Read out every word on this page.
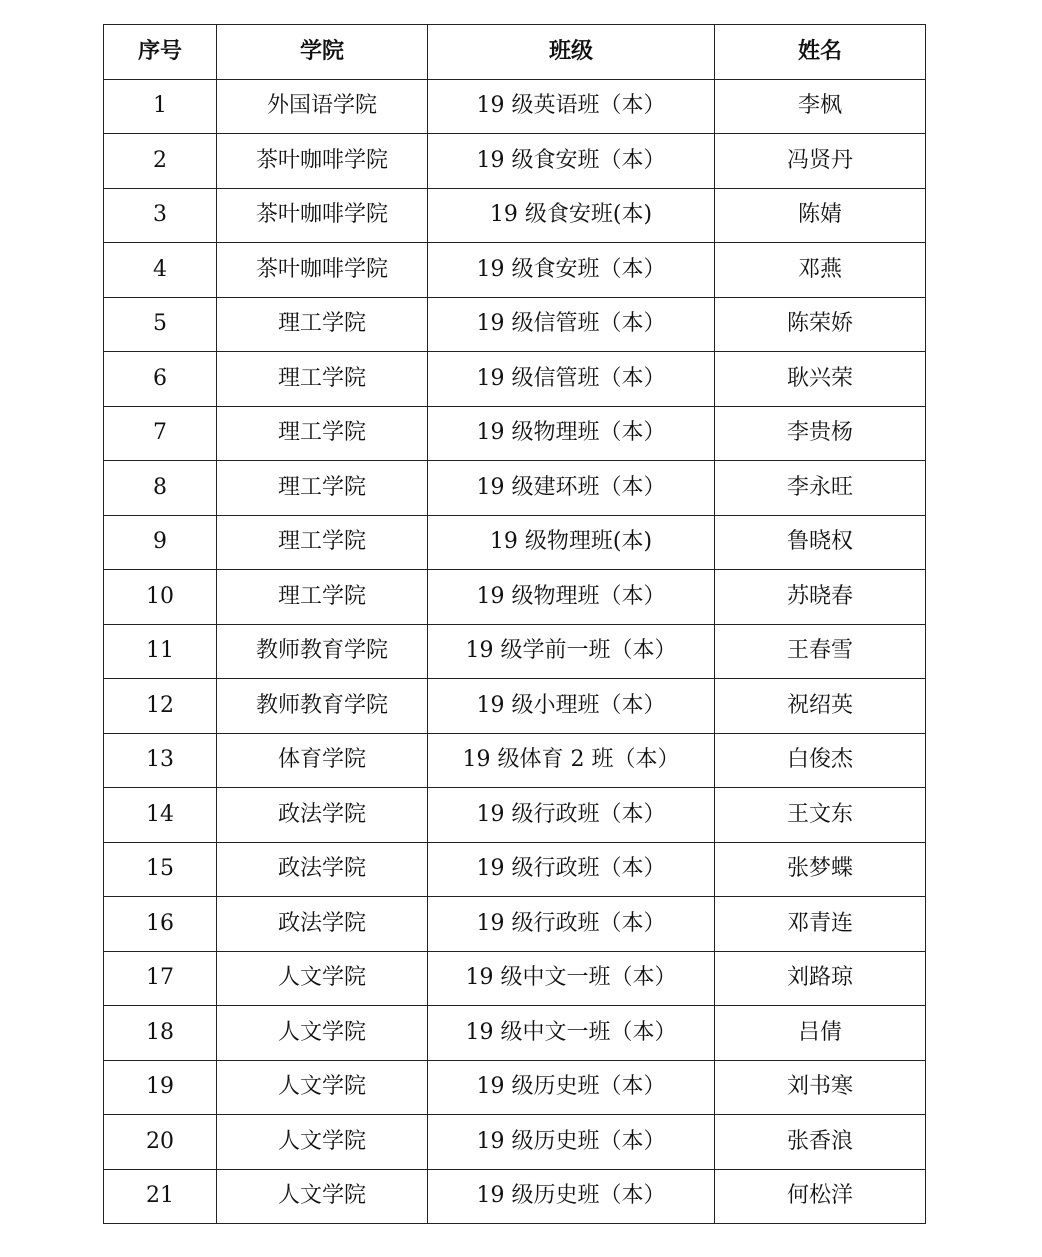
序号	学院	班级	姓名
1	外国语学院	19 级英语班（本）	李枫
2	茶叶咖啡学院	19 级食安班（本）	冯贤丹
3	茶叶咖啡学院	19 级食安班(本)	陈婧
4	茶叶咖啡学院	19 级食安班（本）	邓燕
5	理工学院	19 级信管班（本）	陈荣娇
6	理工学院	19 级信管班（本）	耿兴荣
7	理工学院	19 级物理班（本）	李贵杨
8	理工学院	19 级建环班（本）	李永旺
9	理工学院	19 级物理班(本)	鲁晓权
10	理工学院	19 级物理班（本）	苏晓春
11	教师教育学院	19 级学前一班（本）	王春雪
12	教师教育学院	19 级小理班（本）	祝绍英
13	体育学院	19 级体育 2 班（本）	白俊杰
14	政法学院	19 级行政班（本）	王文东
15	政法学院	19 级行政班（本）	张梦蝶
16	政法学院	19 级行政班（本）	邓青连
17	人文学院	19 级中文一班（本）	刘路琼
18	人文学院	19 级中文一班（本）	吕倩
19	人文学院	19 级历史班（本）	刘书寒
20	人文学院	19 级历史班（本）	张香浪
21	人文学院	19 级历史班（本）	何松洋
